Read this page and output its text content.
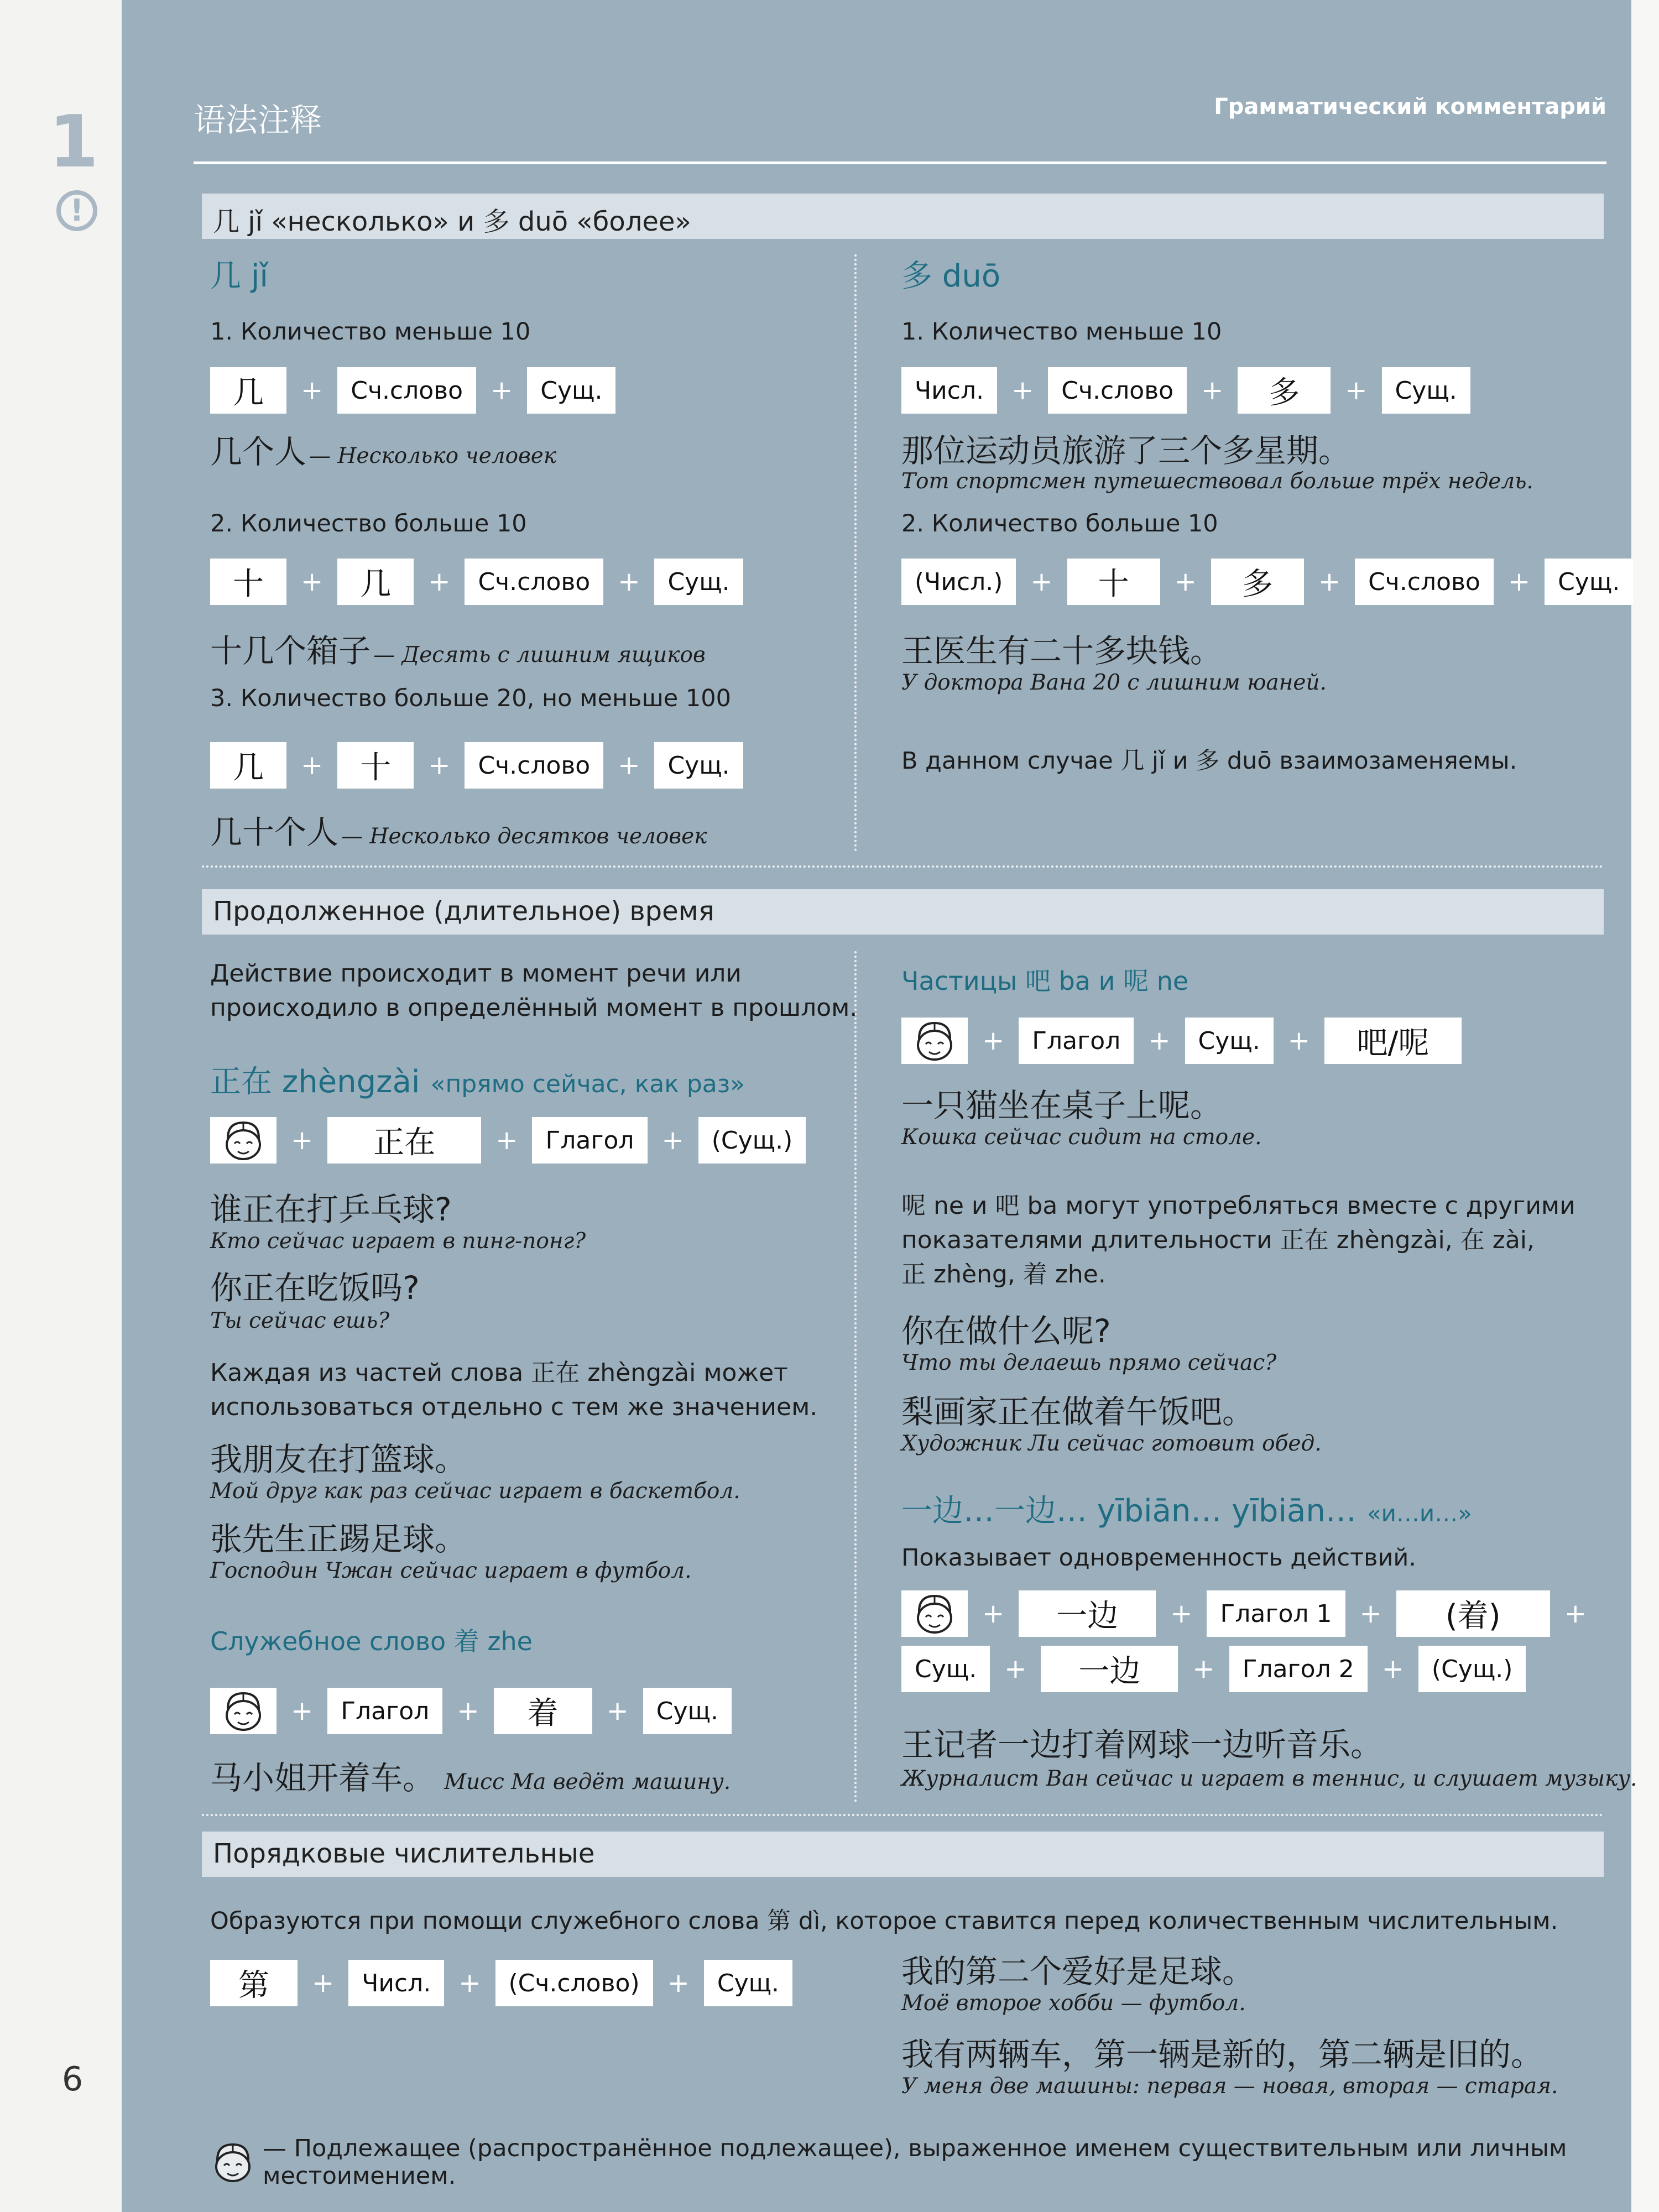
1
!
6
语法注释	Грамматический комментарий
几 jǐ «несколько» и 多 duō «более»
几 jǐ
1. Количество меньше 10
几	+	Сч.слово	+	Сущ.
几个人 — Несколько человек
2. Количество больше 10
十	+	几	+	Сч.слово	+	Сущ.
十几个箱子 — Десять с лишним ящиков
3. Количество больше 20, но меньше 100
几	+	十	+	Сч.слово	+	Сущ.
几十个人 — Несколько десятков человек
多 duō
1. Количество меньше 10
Числ.	+	Сч.слово	+	多	+	Сущ.
那位运动员旅游了三个多星期。
Тот спортсмен путешествовал больше трёх недель.
2. Количество больше 10
(Числ.)	+	十	+	多	+	Сч.слово	+	Сущ.
王医生有二十多块钱。
У доктора Вана 20 с лишним юаней.
В данном случае 几 jǐ и 多 duō взаимозаменяемы.
Продолженное (длительное) время
Действие происходит в момент речи или
происходило в определённый момент в прошлом.
正在 zhèngzài «прямо сейчас, как раз»
+	正在	+	Глагол	+	(Сущ.)
谁正在打乒乓球?
Кто сейчас играет в пинг-понг?
你正在吃饭吗?
Ты сейчас ешь?
Каждая из частей слова 正在 zhèngzài может
использоваться отдельно с тем же значением.
我朋友在打篮球。
Мой друг как раз сейчас играет в баскетбол.
张先生正踢足球。
Господин Чжан сейчас играет в футбол.
Служебное слово 着 zhe
+	Глагол	+	着	+	Сущ.
马小姐开着车。 Мисс Ма ведёт машину.
Частицы 吧 ba и 呢 ne
+	Глагол	+	Сущ.	+	吧/呢
一只猫坐在桌子上呢。
Кошка сейчас сидит на столе.
呢 ne и 吧 ba могут употребляться вместе с другими
показателями длительности 正在 zhèngzài, 在 zài,
正 zhèng, 着 zhe.
你在做什么呢?
Что ты делаешь прямо сейчас?
梨画家正在做着午饭吧。
Художник Ли сейчас готовит обед.
一边…一边… yībiān… yībiān… «и…и…»
Показывает одновременность действий.
+	一边	+	Глагол 1	+	(着)	+
Сущ.	+	一边	+	Глагол 2	+	(Сущ.)
王记者一边打着网球一边听音乐。
Журналист Ван сейчас и играет в теннис, и слушает музыку.
Порядковые числительные
Образуются при помощи служебного слова 第 dì, которое ставится перед количественным числительным.
第	+	Числ.	+	(Сч.слово)	+	Сущ.	我的第二个爱好是足球。
Моё второе хобби — футбол.
我有两辆车，第一辆是新的，第二辆是旧的。
У меня две машины: первая — новая, вторая — старая.
— Подлежащее (распространённое подлежащее), выраженное именем существительным или личным местоимением.
